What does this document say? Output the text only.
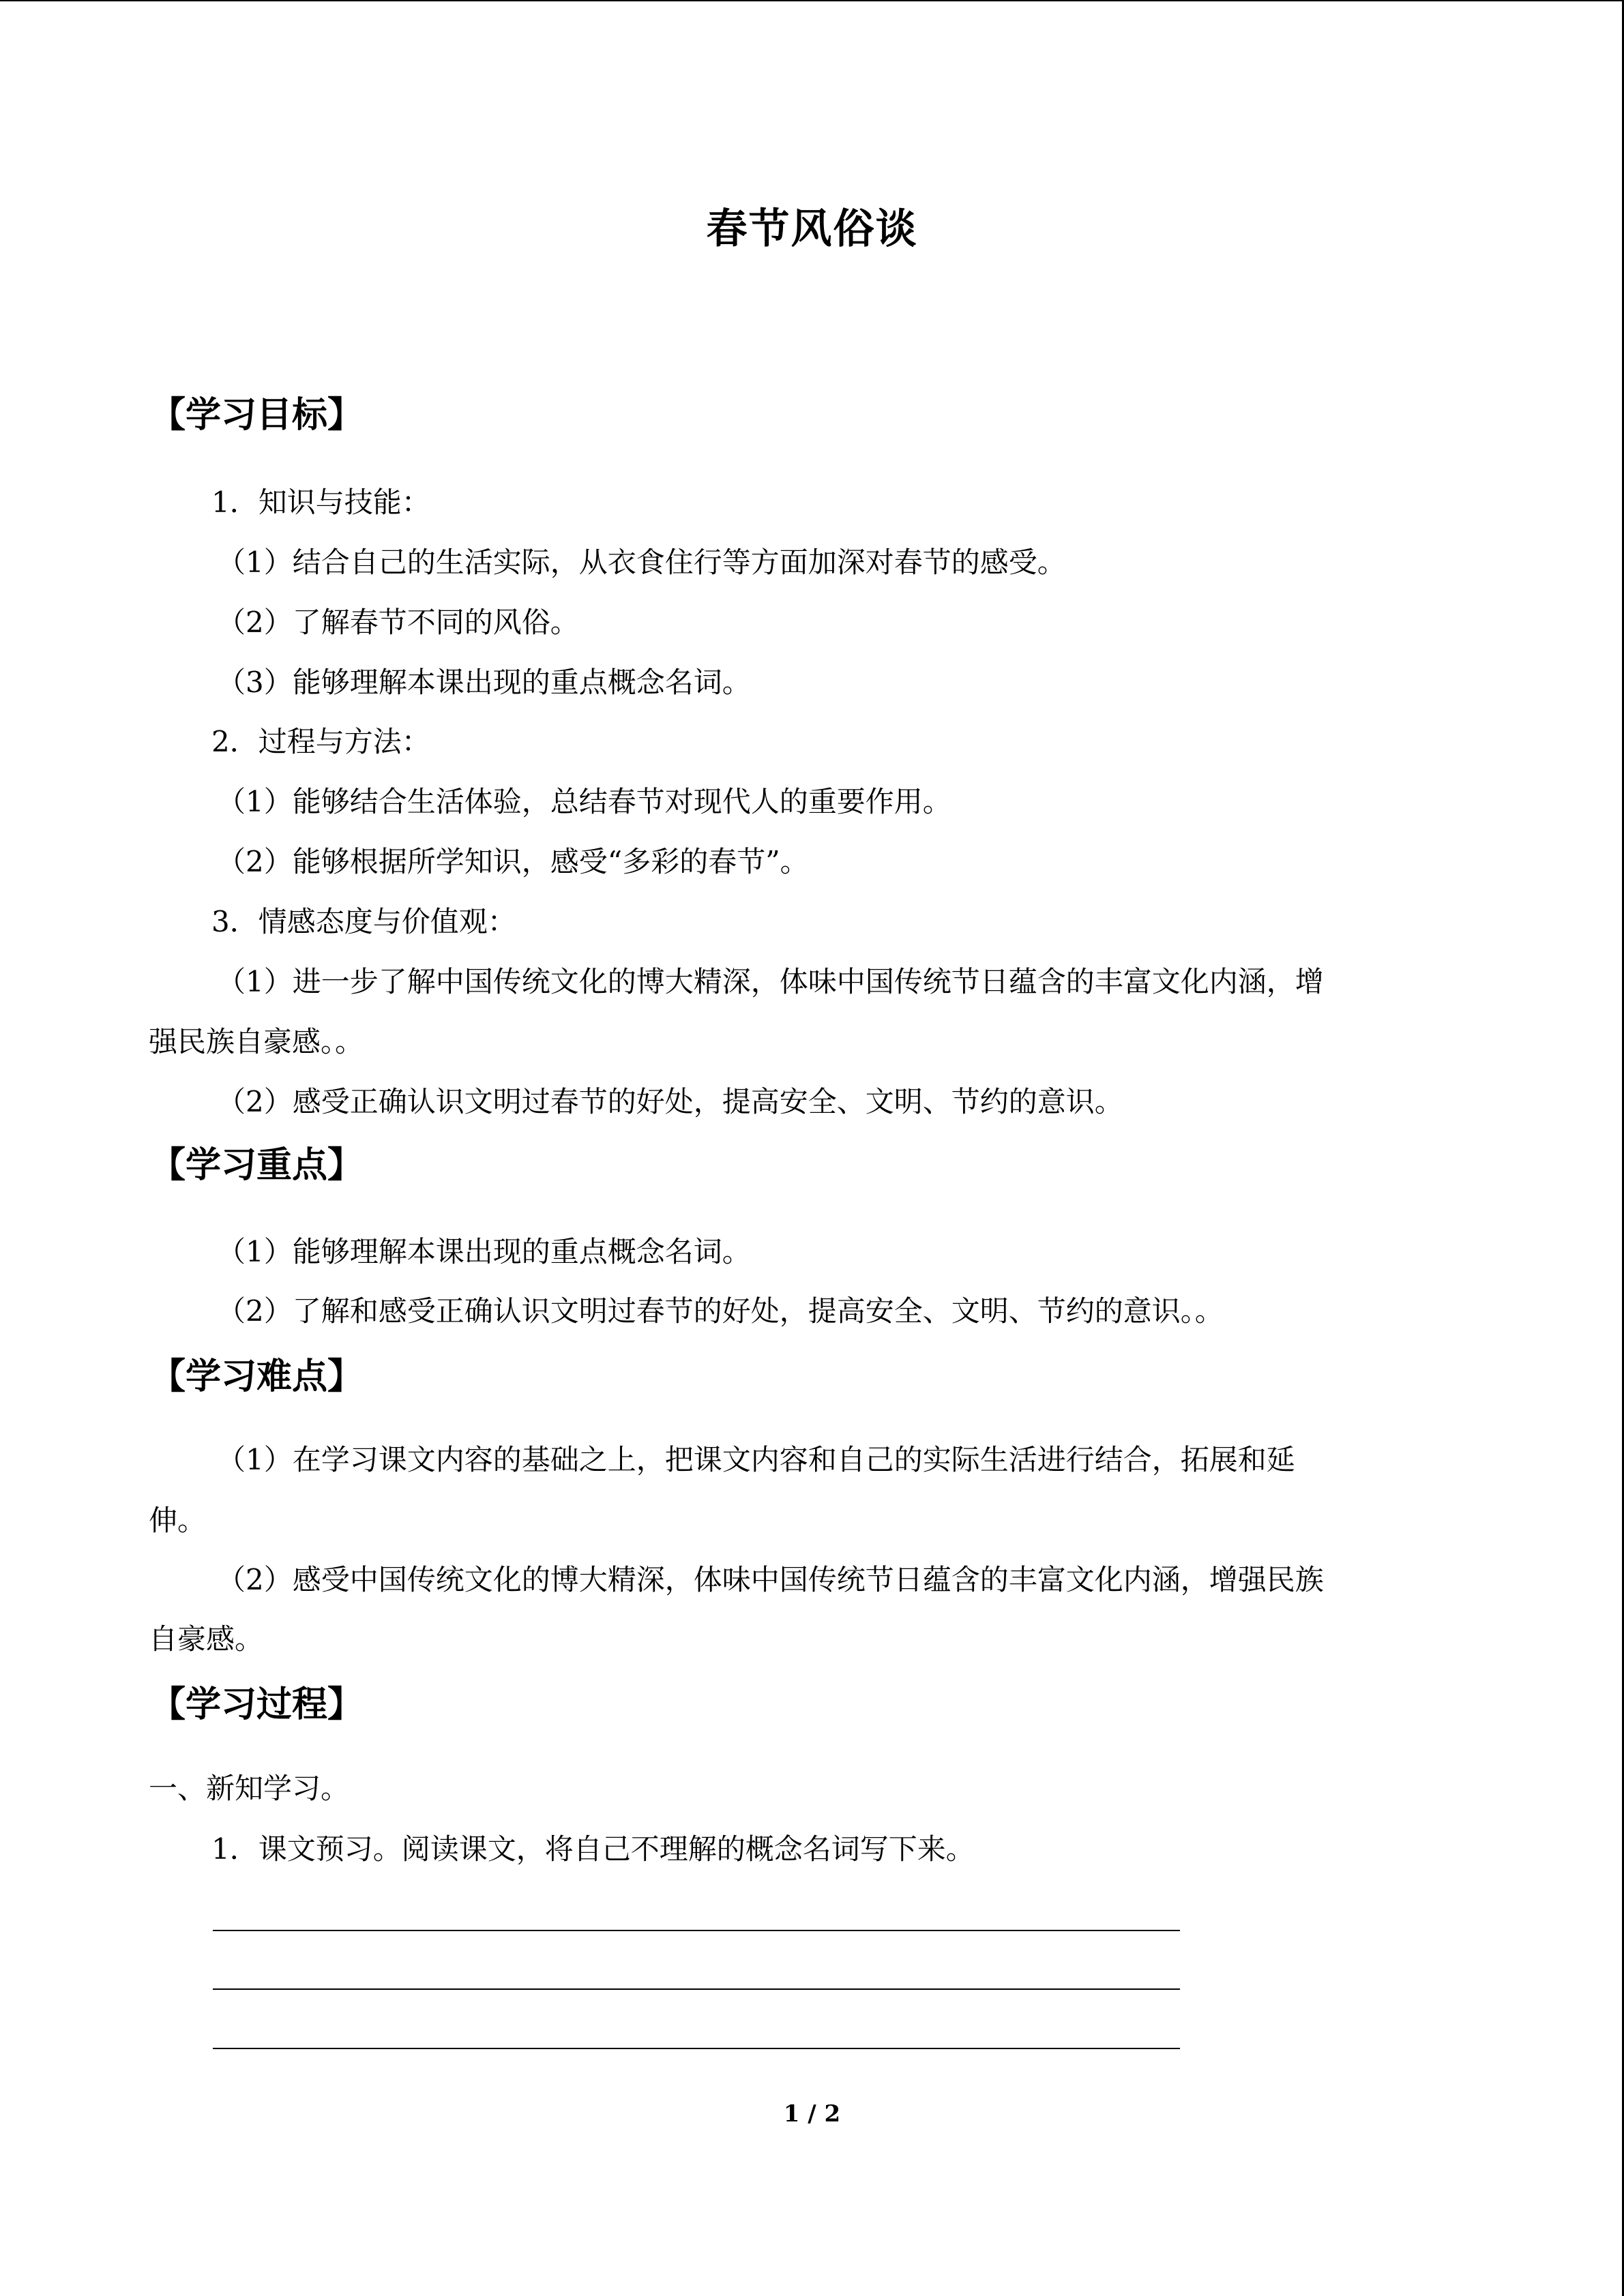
春节风俗谈
【学习目标】
1．知识与技能：
（1）结合自己的生活实际，从衣食住行等方面加深对春节的感受。
（2）了解春节不同的风俗。
（3）能够理解本课出现的重点概念名词。
2．过程与方法：
（1）能够结合生活体验，总结春节对现代人的重要作用。
（2）能够根据所学知识，感受“多彩的春节”。
3．情感态度与价值观：
（1）进一步了解中国传统文化的博大精深，体味中国传统节日蕴含的丰富文化内涵，增
强民族自豪感。。
（2）感受正确认识文明过春节的好处，提高安全、文明、节约的意识。
【学习重点】
（1）能够理解本课出现的重点概念名词。
（2）了解和感受正确认识文明过春节的好处，提高安全、文明、节约的意识。。
【学习难点】
（1）在学习课文内容的基础之上，把课文内容和自己的实际生活进行结合，拓展和延
伸。
（2）感受中国传统文化的博大精深，体味中国传统节日蕴含的丰富文化内涵，增强民族
自豪感。
【学习过程】
一、新知学习。
1．课文预习。阅读课文，将自己不理解的概念名词写下来。
1 / 2
